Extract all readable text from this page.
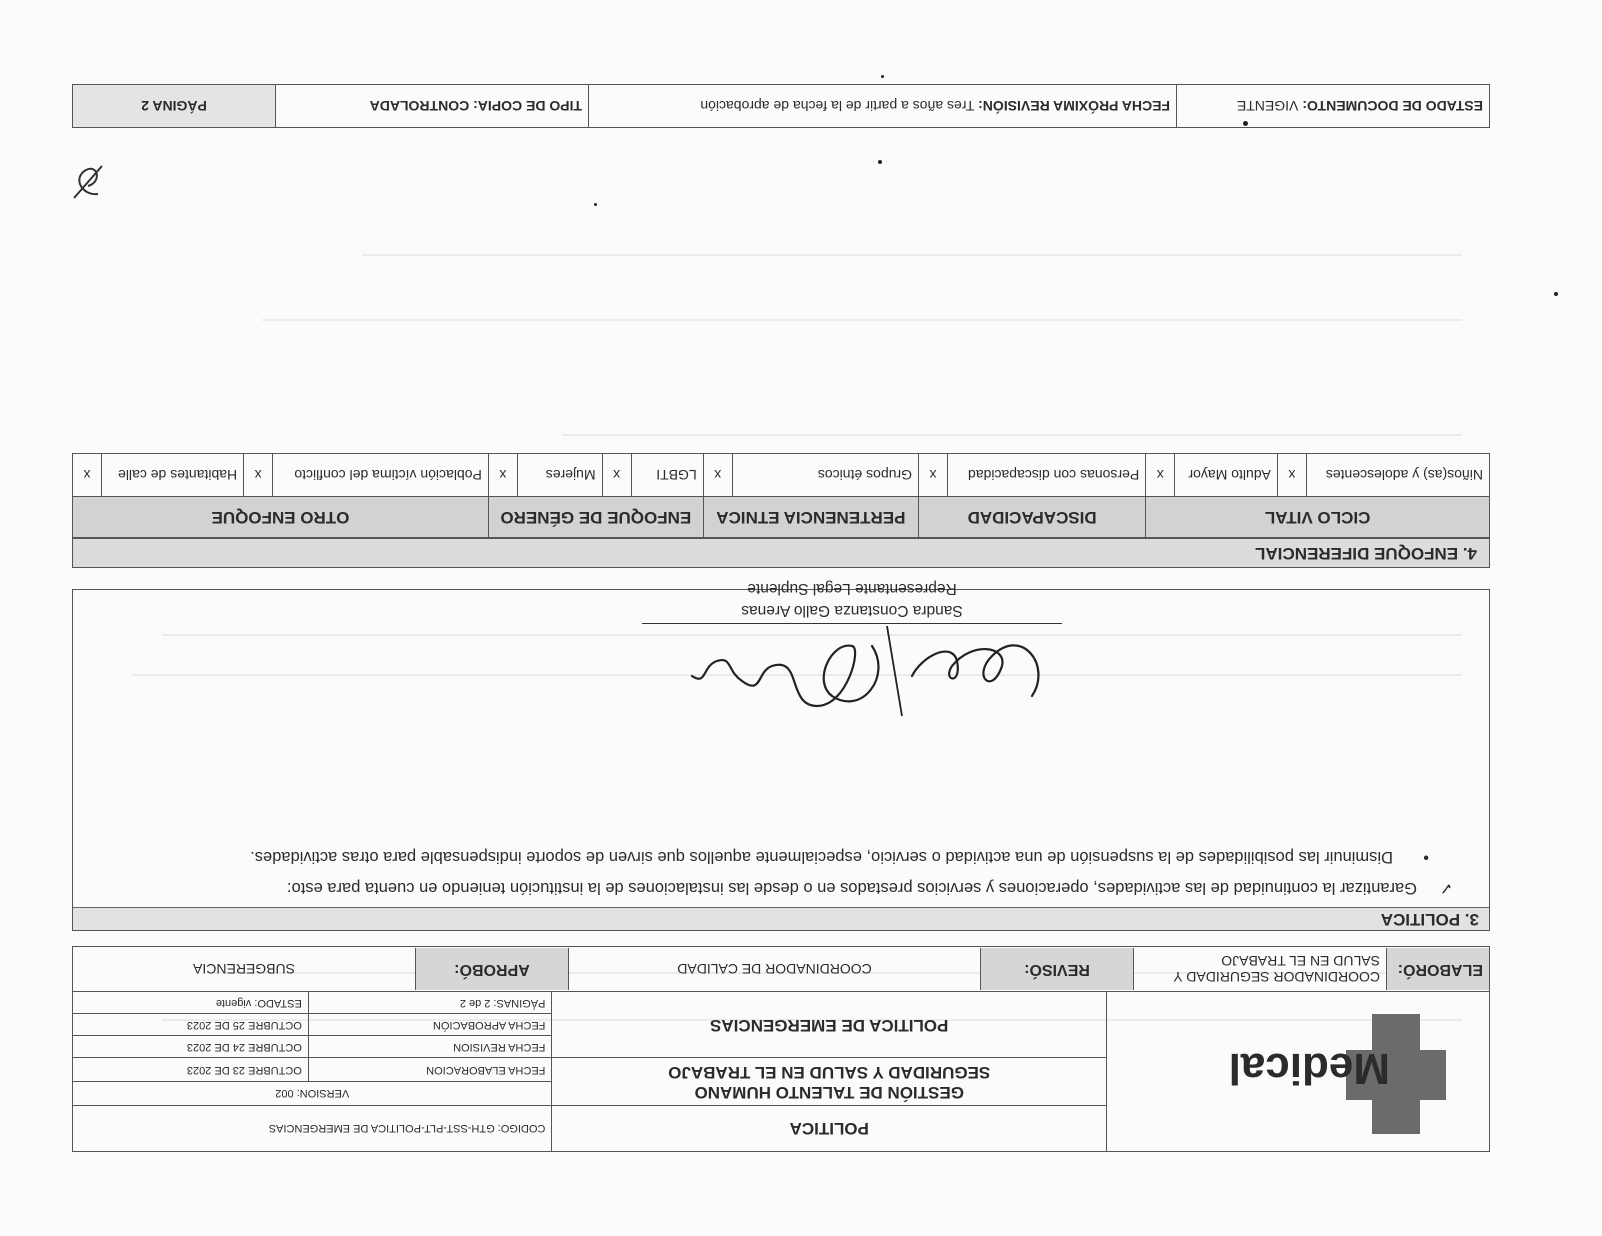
Medical
	POLITICA	CODIGO: GTH-SST-PLT-POLITICA DE EMERGENCIAS

GESTIÓN DE TALENTO HUMANO
SEGURIDAD Y SALUD EN EL TRABAJO
	VERSION: 002
FECHA ELABORACION	OCTUBRE 23 DE 2023
POLITICA DE EMERGENCIAS	FECHA REVISION	OCTUBRE 24 DE 2023
FECHA APROBACIÓN	OCTUBRE 25 DE 2023
PÁGINAS: 2 de 2	ESTADO: vigente

ELABORÓ:	COORDINADOR SEGURIDAD Y SALUD EN EL TRABAJO	REVISÓ:	COORDINADOR DE CALIDAD	APROBÓ:	SUBGERENCIA
3. POLITICA
✓
Garantizar la continuidad de las actividades, operaciones y servicios prestados en o desde las instalaciones de la institución teniendo en cuenta para esto:
•
Disminuir las posibilidades de la suspensión de una actividad o servicio, especialmente aquellos que sirven de soporte indispensable para otras actividades.

Sandra Constanza Gallo Arenas

Representante Legal Suplente

4. ENFOQUE DIFERENCIAL
CICLO VITAL				DISCAPACIDAD		PERTENENCIA ETNICA		ENFOQUE DE GÉNERO				OTRO ENFOQUE			
Niños(as) y adolescentes	x	Adulto Mayor	x	Personas con discapacidad	x	Grupos étnicos	x	LGBTI	x	Mujeres	x	Población víctima del conflicto	x	Habitantes de calle	x
ESTADO DE DOCUMENTO: VIGENTE	FECHA PRÓXIMA REVISIÓN: Tres años a partir de la fecha de aprobación	TIPO DE COPIA: CONTROLADA	PÁGINA 2
